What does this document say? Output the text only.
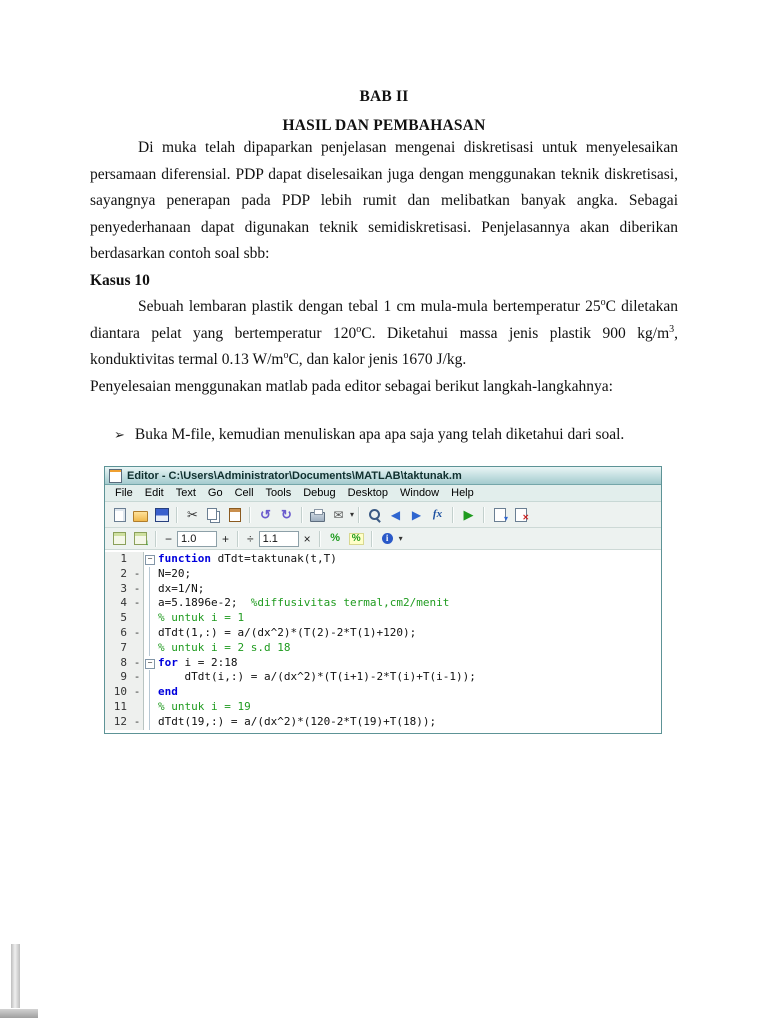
BAB II
HASIL DAN PEMBAHASAN

Di muka telah dipaparkan penjelasan mengenai diskretisasi untuk menyelesaikan persamaan diferensial. PDP dapat diselesaikan juga dengan menggunakan teknik diskretisasi, sayangnya penerapan pada PDP lebih rumit dan melibatkan banyak angka. Sebagai penyederhanaan dapat digunakan teknik semidiskretisasi. Penjelasannya akan diberikan berdasarkan contoh soal sbb:

Kasus 10

Sebuah lembaran plastik dengan tebal 1 cm mula-mula bertemperatur 25$^o$C diletakan diantara pelat yang bertemperatur 120$^o$C. Diketahui massa jenis plastik 900 $kg/m^3$, konduktivitas termal 0.13 $W/m^oC$, dan kalor jenis 1670 J/kg.

Penyelesaian menggunakan matlab pada editor sebagai berikut langkah-langkahnya:

➢ Buka M-file, kemudian menuliskan apa apa saja yang telah diketahui dari soal.
Editor - C:\Users\Administrator\Documents\MATLAB\taktunak.m
File	Edit	Text	Go	Cell	Tools	Debug	Desktop	Window	Help
✂
↺
↻
✉
▾
◀
▶
fx
▶
▾
✕
↓
− 1.0	+	÷ 1.1	×
%
%
i
▾
1 −	function dTdt=taktunak(t,T)
2 -	N=20;
3 -	dx=1/N;
4 -	a=5.1896e-2;  %diffusivitas termal,cm2/menit
5	% untuk i = 1
6 -	dTdt(1,:) = a/(dx^2)*(T(2)-2*T(1)+120);
7	% untuk i = 2 s.d 18
8 - −	for i = 2:18
9 -	dTdt(i,:) = a/(dx^2)*(T(i+1)-2*T(i)+T(i-1));
10 -	end
11	% untuk i = 19
12 -	dTdt(19,:) = a/(dx^2)*(120-2*T(19)+T(18));
